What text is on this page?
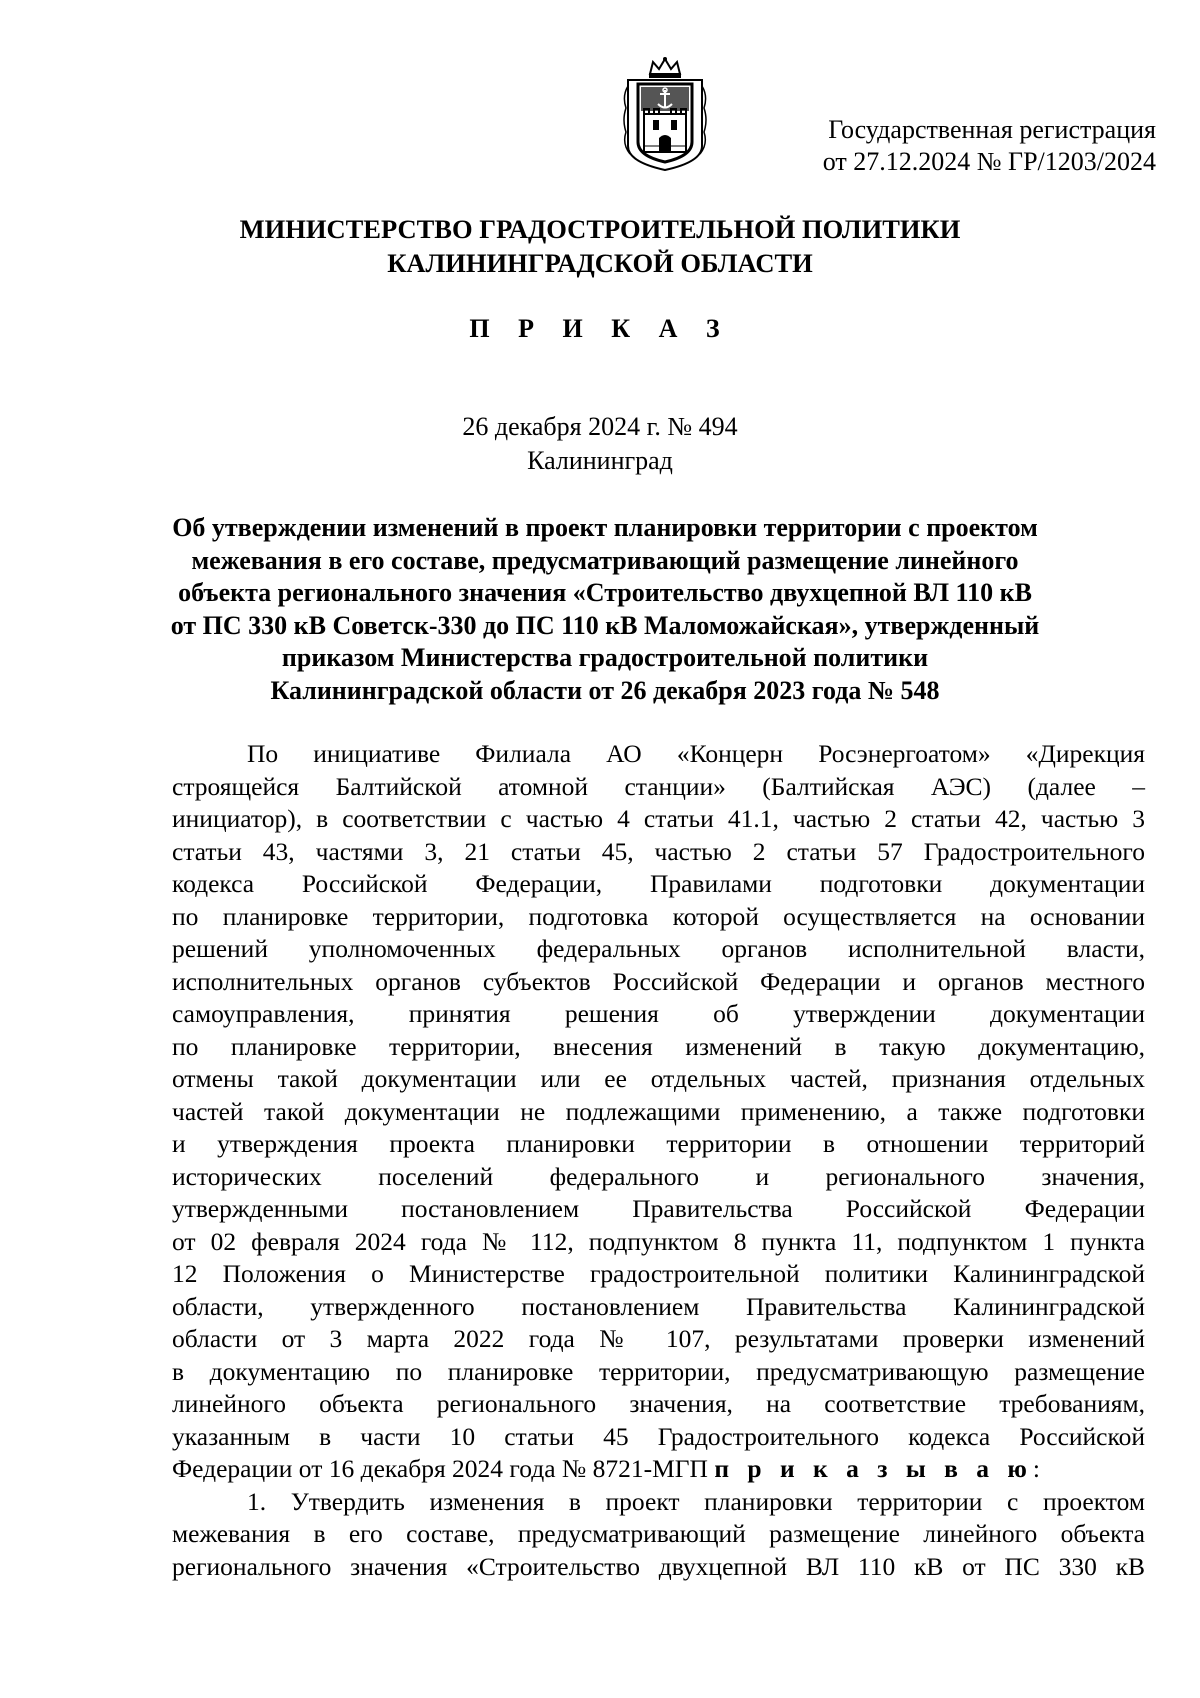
Государственная регистрация
от 27.12.2024 № ГР/1203/2024
МИНИСТЕРСТВО ГРАДОСТРОИТЕЛЬНОЙ ПОЛИТИКИ
КАЛИНИНГРАДСКОЙ ОБЛАСТИ
П Р И К А З
26 декабря 2024 г. № 494
Калининград
Об утверждении изменений в проект планировки территории с проектом
межевания в его составе, предусматривающий размещение линейного
объекта регионального значения «Строительство двухцепной ВЛ 110 кВ
от ПС 330 кВ Советск-330 до ПС 110 кВ Маломожайская», утвержденный
приказом Министерства градостроительной политики
Калининградской области от 26 декабря 2023 года № 548
По инициативе Филиала АО «Концерн Росэнергоатом» «Дирекция
строящейся Балтийской атомной станции» (Балтийская АЭС) (далее –
инициатор), в соответствии с частью 4 статьи 41.1, частью 2 статьи 42, частью 3
статьи 43, частями 3, 21 статьи 45, частью 2 статьи 57 Градостроительного
кодекса Российской Федерации, Правилами подготовки документации
по планировке территории, подготовка которой осуществляется на основании
решений уполномоченных федеральных органов исполнительной власти,
исполнительных органов субъектов Российской Федерации и органов местного
самоуправления, принятия решения об утверждении документации
по планировке территории, внесения изменений в такую документацию,
отмены такой документации или ее отдельных частей, признания отдельных
частей такой документации не подлежащими применению, а также подготовки
и утверждения проекта планировки территории в отношении территорий
исторических поселений федерального и регионального значения,
утвержденными постановлением Правительства Российской Федерации
от 02 февраля 2024 года № 112, подпунктом 8 пункта 11, подпунктом 1 пункта
12 Положения о Министерстве градостроительной политики Калининградской
области, утвержденного постановлением Правительства Калининградской
области от 3 марта 2022 года № 107, результатами проверки изменений
в документацию по планировке территории, предусматривающую размещение
линейного объекта регионального значения, на соответствие требованиям,
указанным в части 10 статьи 45 Градостроительного кодекса Российской
Федерации от 16 декабря 2024 года № 8721-МГП п р и к а з ы в а ю:
1. Утвердить изменения в проект планировки территории с проектом
межевания в его составе, предусматривающий размещение линейного объекта
регионального значения «Строительство двухцепной ВЛ 110 кВ от ПС 330 кВ
